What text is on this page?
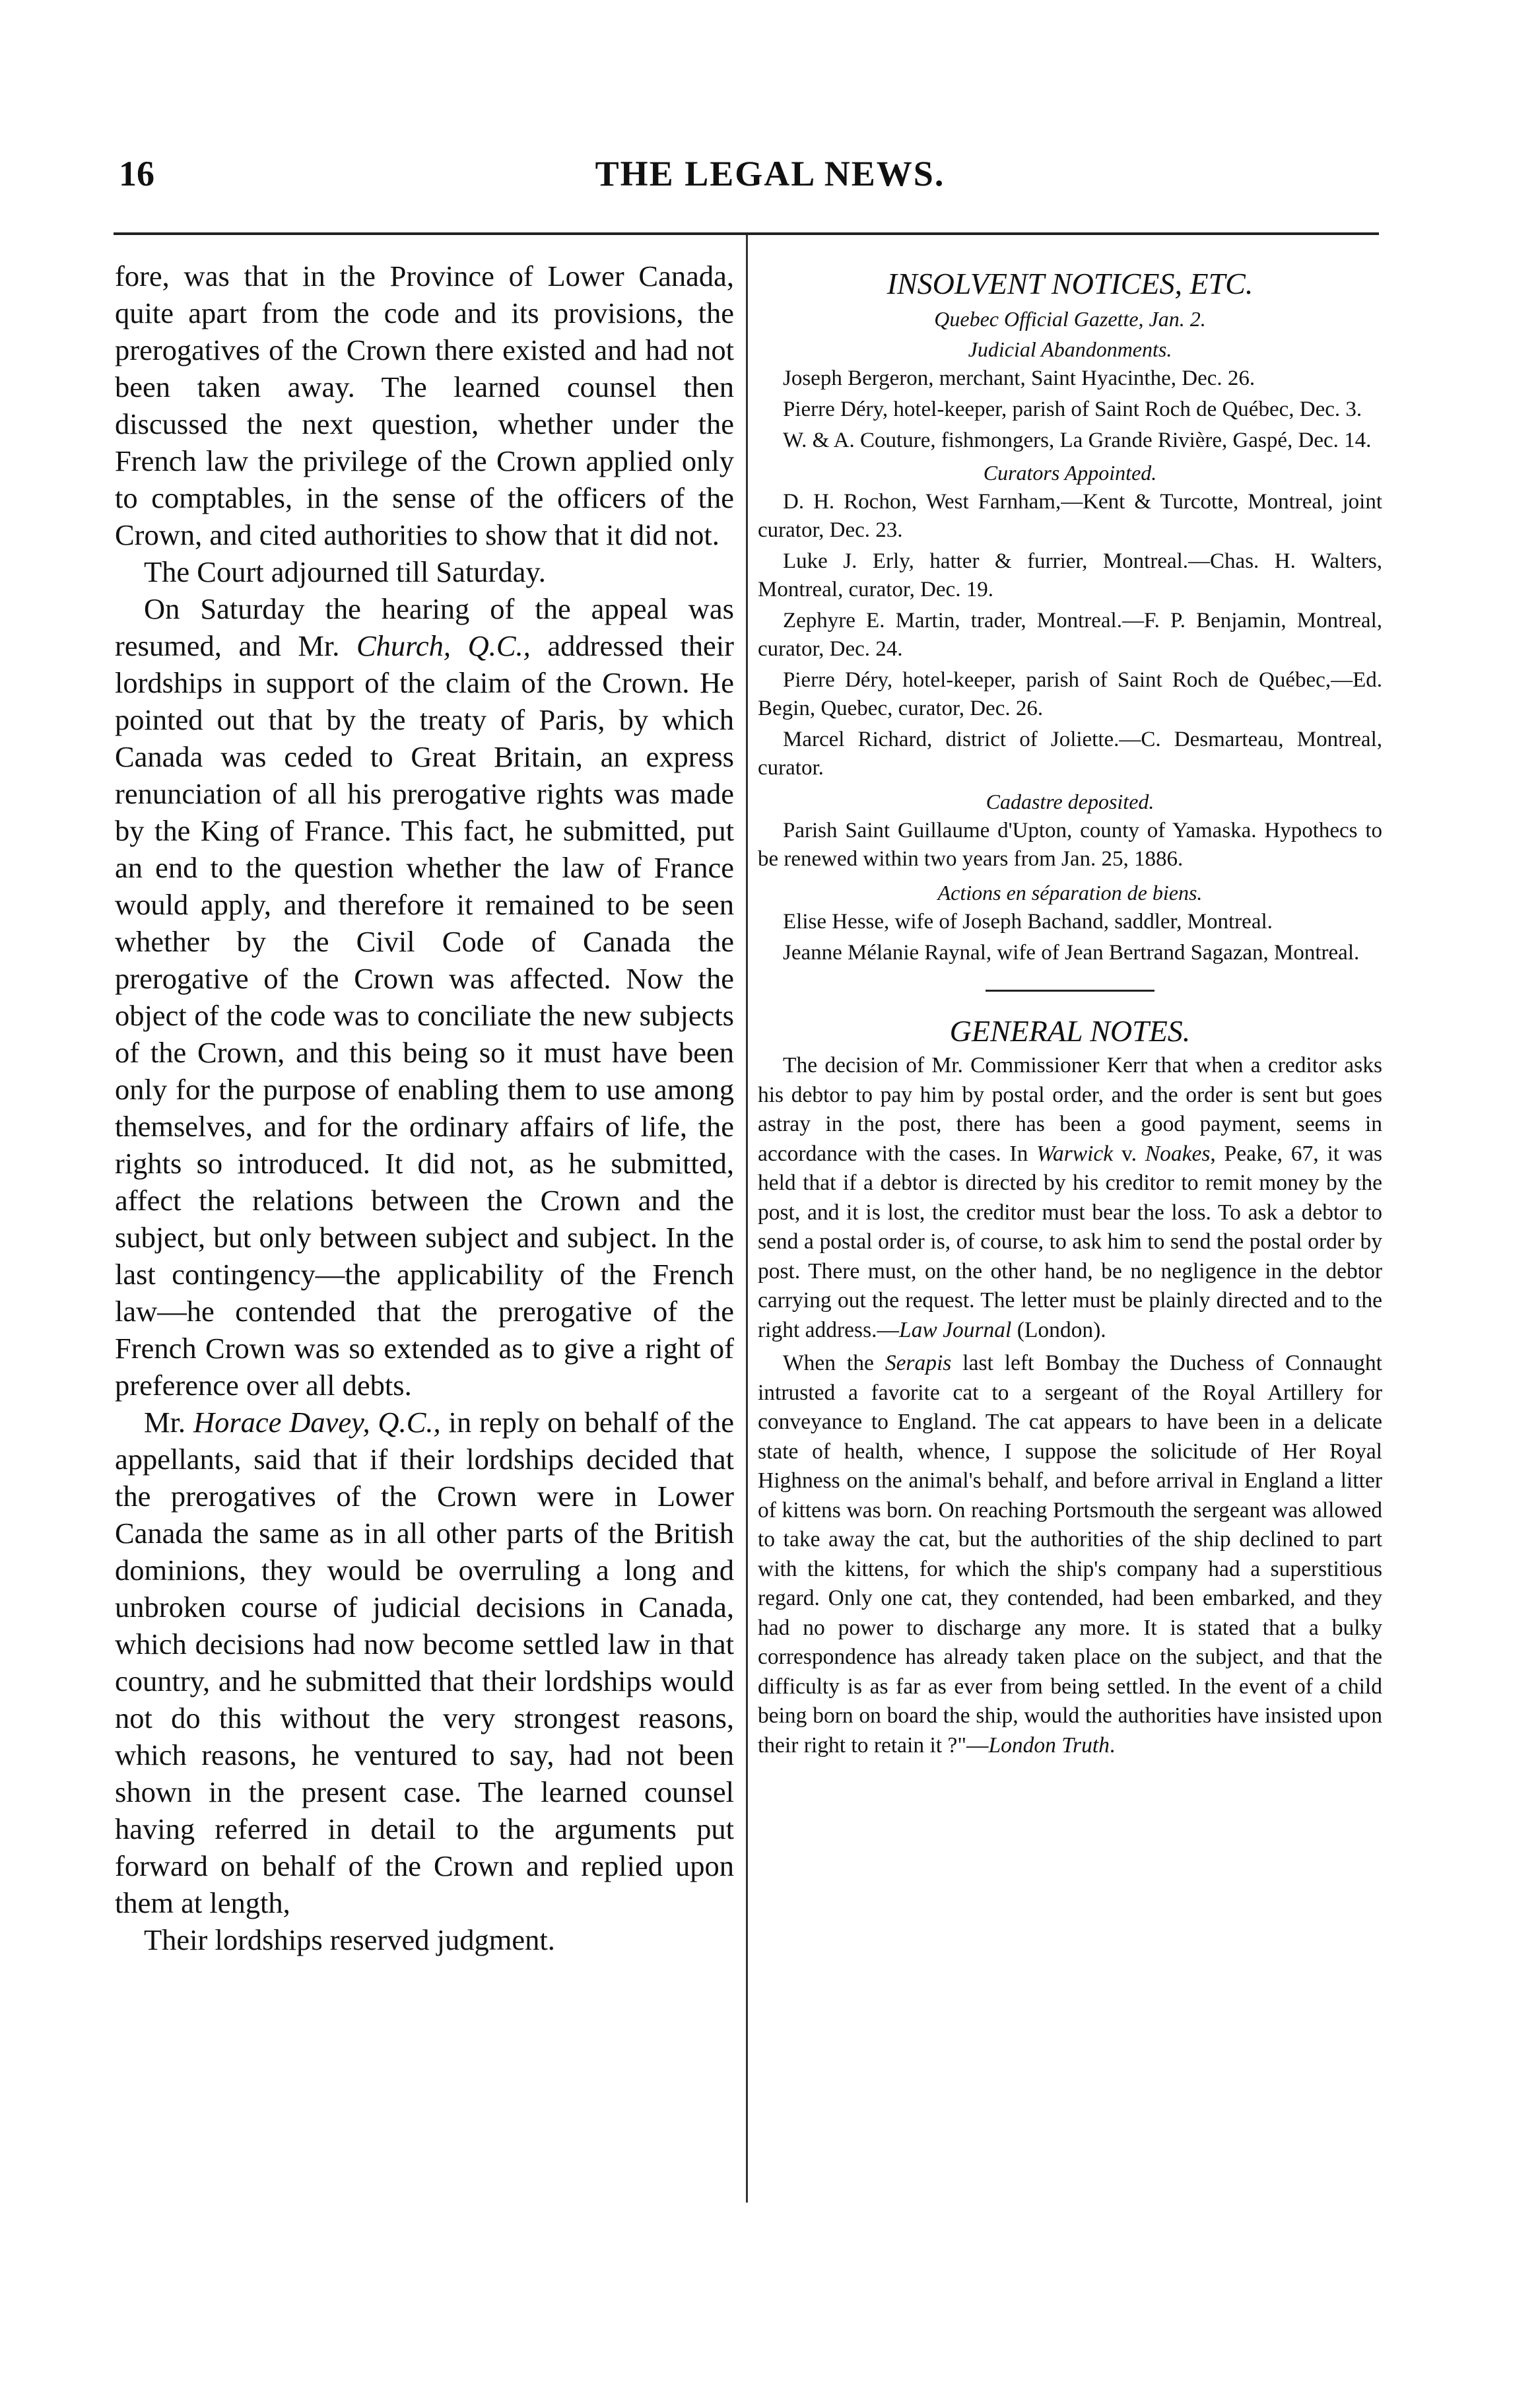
16	THE LEGAL NEWS.

fore, was that in the Province of Lower Canada, quite apart from the code and its provisions, the prerogatives of the Crown there existed and had not been taken away. The learned counsel then discussed the next question, whether under the French law the privilege of the Crown applied only to comptables, in the sense of the officers of the Crown, and cited authorities to show that it did not.

The Court adjourned till Saturday.

On Saturday the hearing of the appeal was resumed, and Mr. Church, Q.C., addressed their lordships in support of the claim of the Crown. He pointed out that by the treaty of Paris, by which Canada was ceded to Great Britain, an express renunciation of all his prerogative rights was made by the King of France. This fact, he submitted, put an end to the question whether the law of France would apply, and therefore it remained to be seen whether by the Civil Code of Canada the prerogative of the Crown was affected. Now the object of the code was to conciliate the new subjects of the Crown, and this being so it must have been only for the purpose of enabling them to use among themselves, and for the ordinary affairs of life, the rights so introduced. It did not, as he submitted, affect the relations between the Crown and the subject, but only between subject and subject. In the last contingency—the applicability of the French law—he contended that the prerogative of the French Crown was so extended as to give a right of preference over all debts.

Mr. Horace Davey, Q.C., in reply on behalf of the appellants, said that if their lordships decided that the prerogatives of the Crown were in Lower Canada the same as in all other parts of the British dominions, they would be overruling a long and unbroken course of judicial decisions in Canada, which decisions had now become settled law in that country, and he submitted that their lordships would not do this without the very strongest reasons, which reasons, he ventured to say, had not been shown in the present case. The learned counsel having referred in detail to the arguments put forward on behalf of the Crown and replied upon them at length,

Their lordships reserved judgment.

INSOLVENT NOTICES, ETC.

Quebec Official Gazette, Jan. 2.

Judicial Abandonments.

Joseph Bergeron, merchant, Saint Hyacinthe, Dec. 26.

Pierre Déry, hotel-keeper, parish of Saint Roch de Québec, Dec. 3.

W. & A. Couture, fishmongers, La Grande Rivière, Gaspé, Dec. 14.

Curators Appointed.

D. H. Rochon, West Farnham,—Kent & Turcotte, Montreal, joint curator, Dec. 23.

Luke J. Erly, hatter & furrier, Montreal.—Chas. H. Walters, Montreal, curator, Dec. 19.

Zephyre E. Martin, trader, Montreal.—F. P. Benjamin, Montreal, curator, Dec. 24.

Pierre Déry, hotel-keeper, parish of Saint Roch de Québec,—Ed. Begin, Quebec, curator, Dec. 26.

Marcel Richard, district of Joliette.—C. Desmarteau, Montreal, curator.

Cadastre deposited.

Parish Saint Guillaume d'Upton, county of Yamaska. Hypothecs to be renewed within two years from Jan. 25, 1886.

Actions en séparation de biens.

Elise Hesse, wife of Joseph Bachand, saddler, Montreal.

Jeanne Mélanie Raynal, wife of Jean Bertrand Sagazan, Montreal.

GENERAL NOTES.

The decision of Mr. Commissioner Kerr that when a creditor asks his debtor to pay him by postal order, and the order is sent but goes astray in the post, there has been a good payment, seems in accordance with the cases. In Warwick v. Noakes, Peake, 67, it was held that if a debtor is directed by his creditor to remit money by the post, and it is lost, the creditor must bear the loss. To ask a debtor to send a postal order is, of course, to ask him to send the postal order by post. There must, on the other hand, be no negligence in the debtor carrying out the request. The letter must be plainly directed and to the right address.—Law Journal (London).

When the Serapis last left Bombay the Duchess of Connaught intrusted a favorite cat to a sergeant of the Royal Artillery for conveyance to England. The cat appears to have been in a delicate state of health, whence, I suppose the solicitude of Her Royal Highness on the animal's behalf, and before arrival in England a litter of kittens was born. On reaching Portsmouth the sergeant was allowed to take away the cat, but the authorities of the ship declined to part with the kittens, for which the ship's company had a superstitious regard. Only one cat, they contended, had been embarked, and they had no power to discharge any more. It is stated that a bulky correspondence has already taken place on the subject, and that the difficulty is as far as ever from being settled. In the event of a child being born on board the ship, would the authorities have insisted upon their right to retain it ?"—London Truth.
